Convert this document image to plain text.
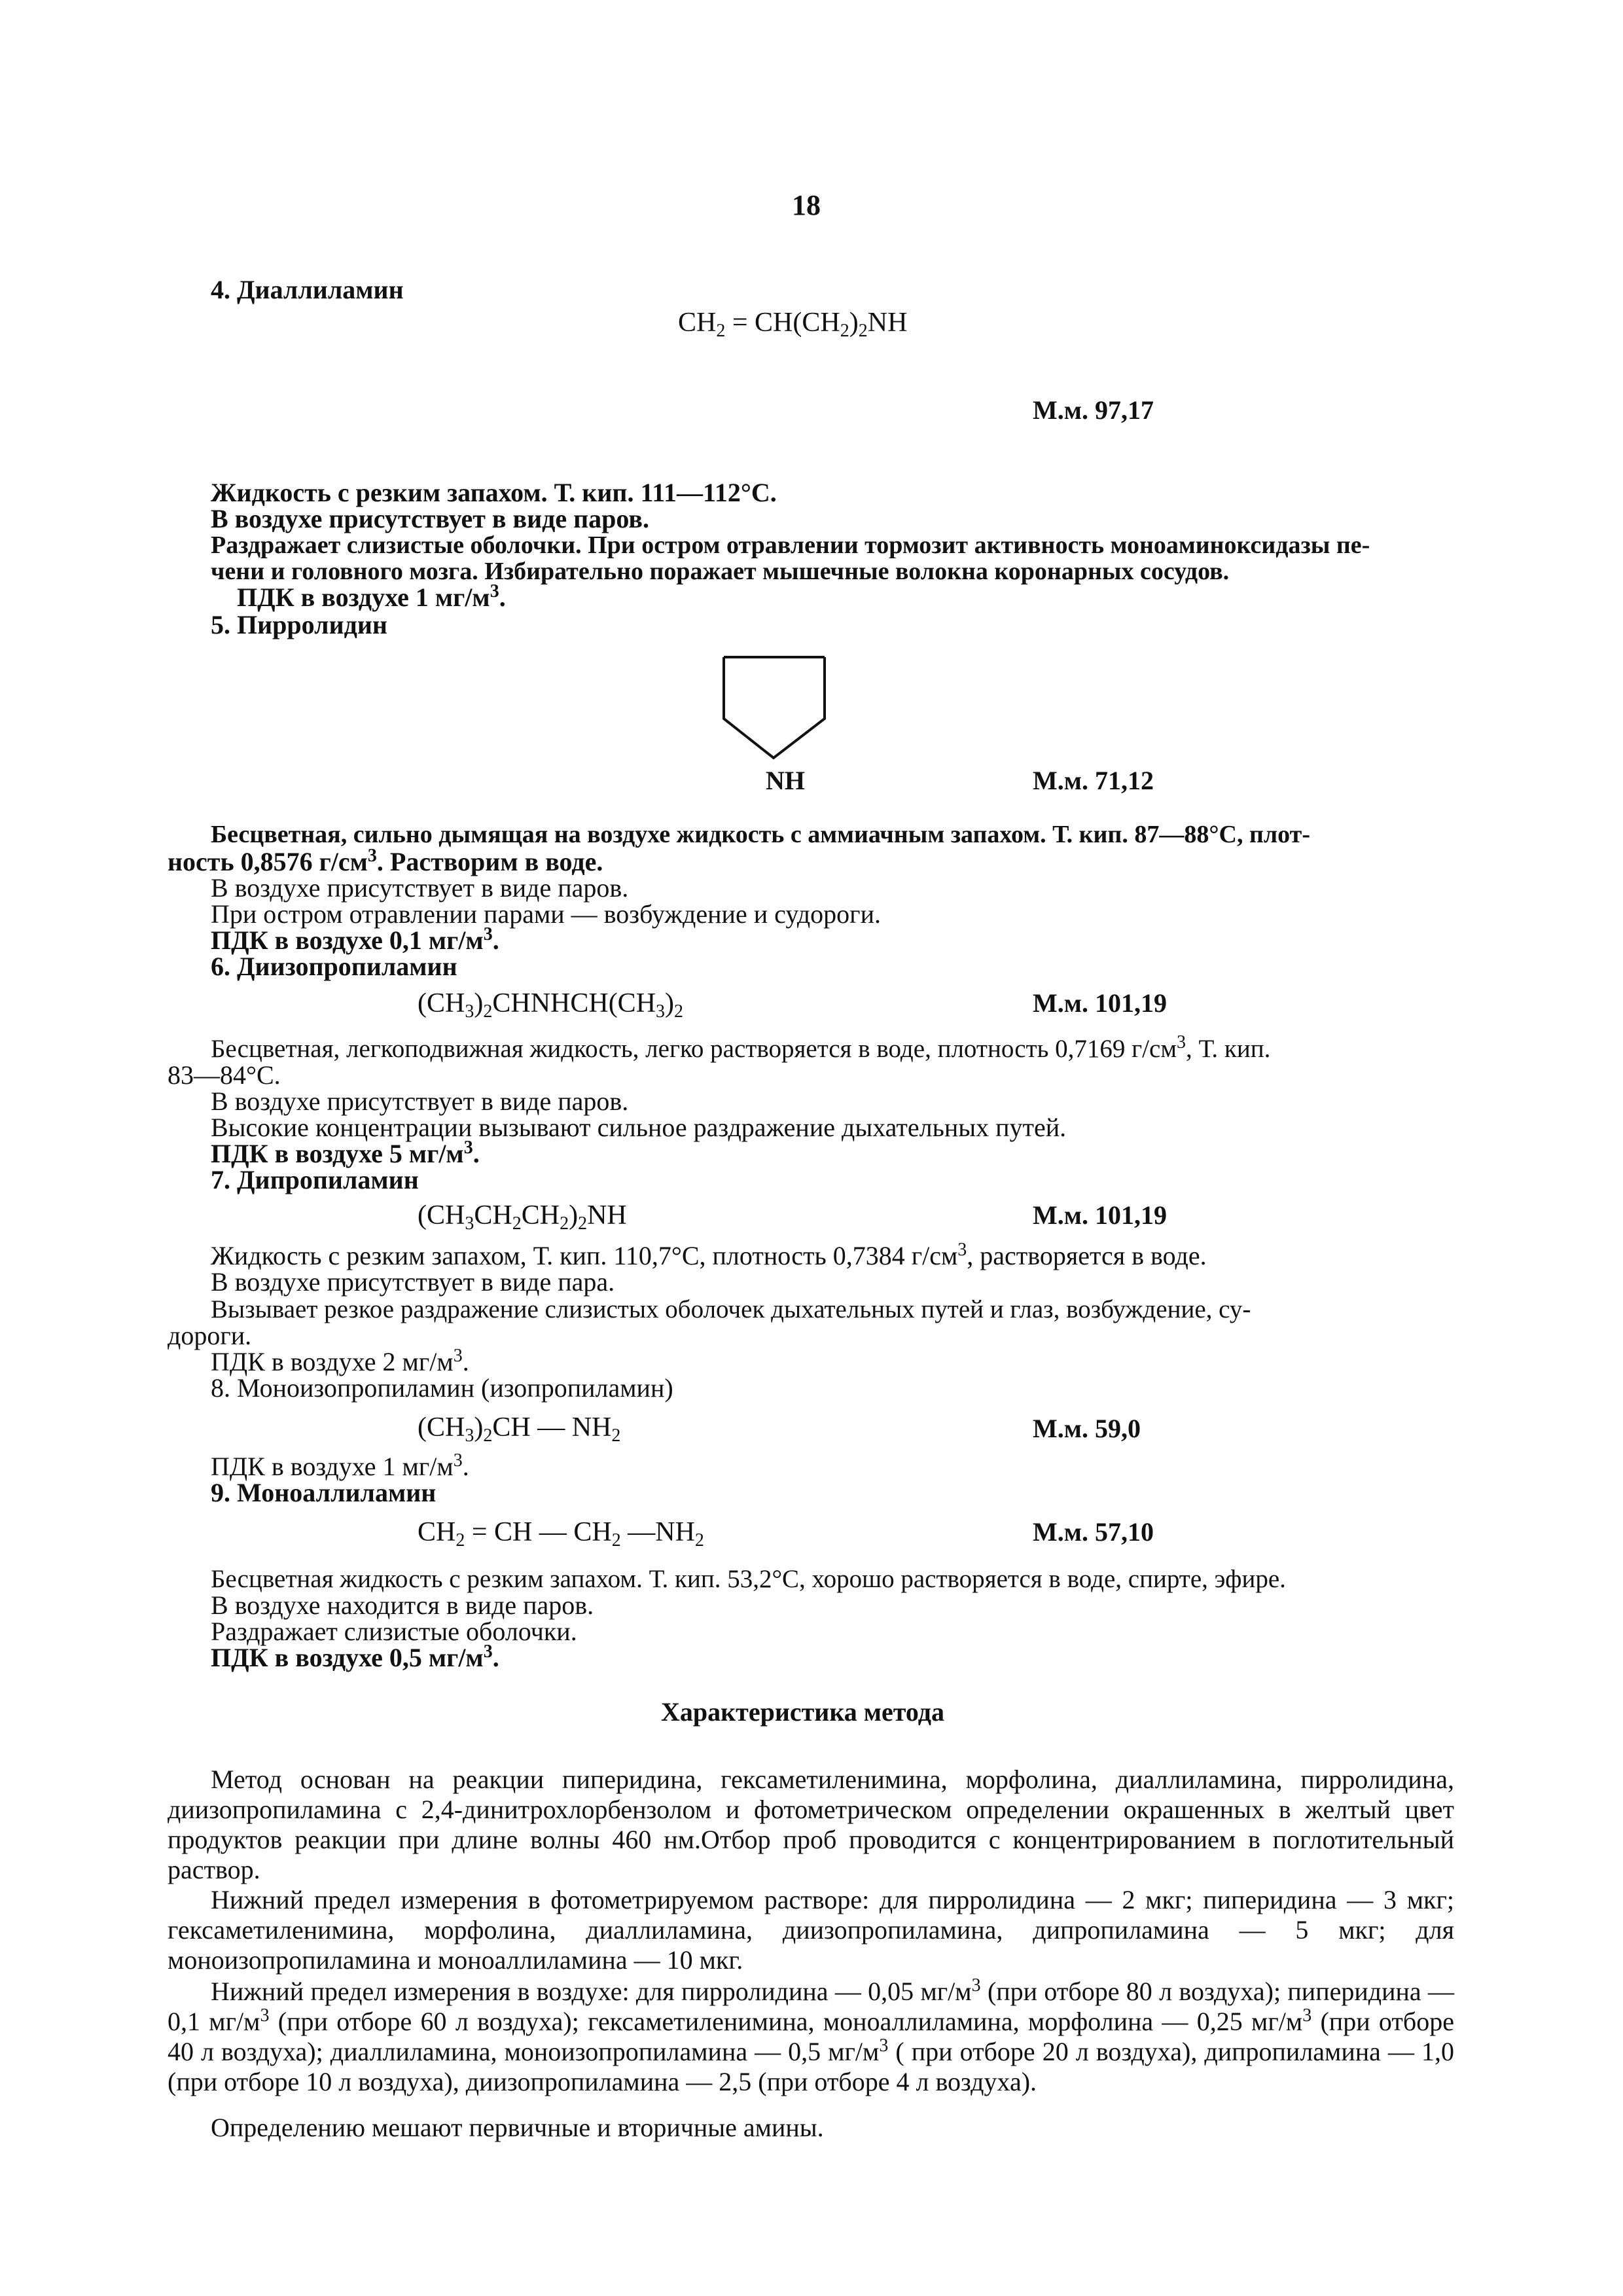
18
4. Диаллиламин
$CH_2 = CH(CH_2)_2NH$
М.м. 97,17
Жидкость с резким запахом. Т. кип. 111—112°С.
В воздухе присутствует в виде паров.
Раздражает слизистые оболочки. При остром отравлении тормозит активность моноаминоксидазы пе-
чени и головного мозга. Избирательно поражает мышечные волокна коронарных сосудов.
ПДК в воздухе 1 $мг/м^3$.
5. Пирролидин
NH	М.м. 71,12
Бесцветная, сильно дымящая на воздухе жидкость с аммиачным запахом. Т. кип. 87—88°С, плот-
ность 0,8576 $г/см^3$. Растворим в воде.
В воздухе присутствует в виде паров.
При остром отравлении парами — возбуждение и судороги.
ПДК в воздухе 0,1 $мг/м^3$.
6. Диизопропиламин
$(CH_3)_2CHNHCH(CH_3)_2$	М.м. 101,19
Бесцветная, легкоподвижная жидкость, легко растворяется в воде, плотность 0,7169 $г/см^3$, Т. кип.
83—84°С.
В воздухе присутствует в виде паров.
Высокие концентрации вызывают сильное раздражение дыхательных путей.
ПДК в воздухе 5 $мг/м^3$.
7. Дипропиламин
$(CH_3CH_2CH_2)_2NH$	М.м. 101,19
Жидкость с резким запахом, Т. кип. 110,7°С, плотность 0,7384 $г/см^3$, растворяется в воде.
В воздухе присутствует в виде пара.
Вызывает резкое раздражение слизистых оболочек дыхательных путей и глаз, возбуждение, су-
дороги.
ПДК в воздухе 2 $мг/м^3$.
8. Моноизопропиламин (изопропиламин)
$(CH_3)_2CH$ — $NH_2$	М.м. 59,0
ПДК в воздухе 1 $мг/м^3$.
9. Моноаллиламин
$CH_2$ = CH — $CH_2$ $—NH_2$	М.м. 57,10
Бесцветная жидкость с резким запахом. Т. кип. 53,2°С, хорошо растворяется в воде, спирте, эфире.
В воздухе находится в виде паров.
Раздражает слизистые оболочки.
ПДК в воздухе 0,5 $мг/м^3$.
Характеристика метода
Метод основан на реакции пиперидина, гексаметиленимина, морфолина, диаллиламина, пирролидина, диизопропиламина с 2,4-динитрохлорбензолом и фотометрическом определении окрашенных в желтый цвет продуктов реакции при длине волны 460 нм.Отбор проб проводится с концентрированием в поглотительный раствор.
Нижний предел измерения в фотометрируемом растворе: для пирролидина — 2 мкг; пиперидина — 3 мкг; гексаметиленимина, морфолина, диаллиламина, диизопропиламина, дипропиламина — 5 мкг; для моноизопропиламина и моноаллиламина — 10 мкг.
Нижний предел измерения в воздухе: для пирролидина — 0,05 $мг/м^3$ (при отборе 80 л воздуха); пиперидина — 0,1 $мг/м^3$ (при отборе 60 л воздуха); гексаметиленимина, моноаллиламина, морфолина — 0,25 $мг/м^3$ (при отборе 40 л воздуха); диаллиламина, моноизопропиламина — 0,5 $мг/м^3$ ( при отборе 20 л воздуха), дипропиламина — 1,0 (при отборе 10 л воздуха), диизопропиламина — 2,5 (при отборе 4 л воздуха).
Определению мешают первичные и вторичные амины.
